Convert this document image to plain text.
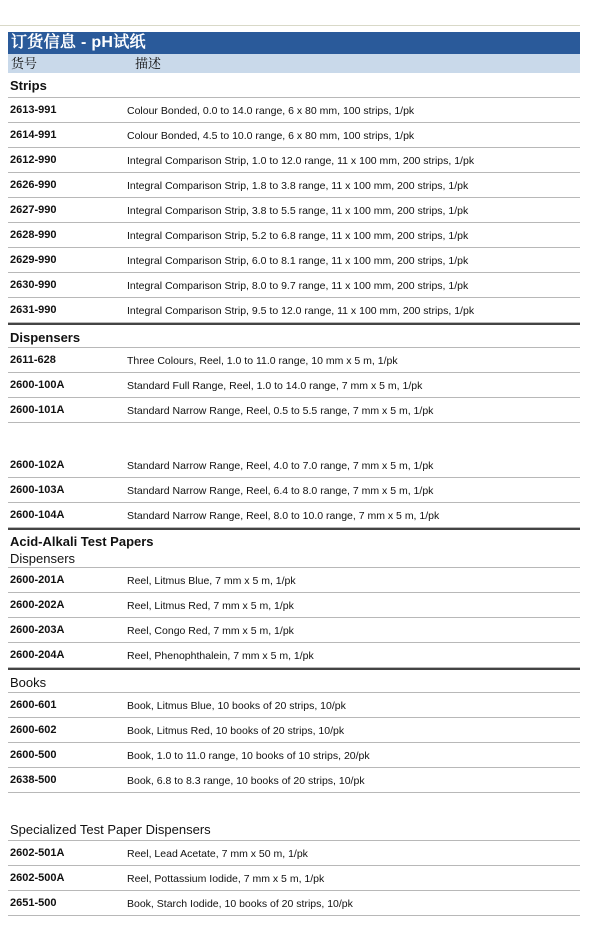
订货信息 - pH试纸
货号	描述
Strips
2613-991	Colour Bonded, 0.0 to 14.0 range, 6 x 80 mm, 100 strips, 1/pk
2614-991	Colour Bonded, 4.5 to 10.0 range, 6 x 80 mm, 100 strips, 1/pk
2612-990	Integral Comparison Strip, 1.0 to 12.0 range, 11 x 100 mm, 200 strips, 1/pk
2626-990	Integral Comparison Strip, 1.8 to 3.8 range, 11 x 100 mm, 200 strips, 1/pk
2627-990	Integral Comparison Strip, 3.8 to 5.5 range, 11 x 100 mm, 200 strips, 1/pk
2628-990	Integral Comparison Strip, 5.2 to 6.8 range, 11 x 100 mm, 200 strips, 1/pk
2629-990	Integral Comparison Strip, 6.0 to 8.1 range, 11 x 100 mm, 200 strips, 1/pk
2630-990	Integral Comparison Strip, 8.0 to 9.7 range, 11 x 100 mm, 200 strips, 1/pk
2631-990	Integral Comparison Strip, 9.5 to 12.0 range, 11 x 100 mm, 200 strips, 1/pk
Dispensers
2611-628	Three Colours, Reel, 1.0 to 11.0 range, 10 mm x 5 m, 1/pk
2600-100A	Standard Full Range, Reel, 1.0 to 14.0 range, 7 mm x 5 m, 1/pk
2600-101A	Standard Narrow Range, Reel, 0.5 to 5.5 range, 7 mm x 5 m, 1/pk
2600-102A	Standard Narrow Range, Reel, 4.0 to 7.0 range, 7 mm x 5 m, 1/pk
2600-103A	Standard Narrow Range, Reel, 6.4 to 8.0 range, 7 mm x 5 m, 1/pk
2600-104A	Standard Narrow Range, Reel, 8.0 to 10.0 range, 7 mm x 5 m, 1/pk
Acid-Alkali Test Papers
Dispensers
2600-201A	Reel, Litmus Blue, 7 mm x 5 m, 1/pk
2600-202A	Reel, Litmus Red, 7 mm x 5 m, 1/pk
2600-203A	Reel, Congo Red, 7 mm x 5 m, 1/pk
2600-204A	Reel, Phenophthalein, 7 mm x 5 m, 1/pk
Books
2600-601	Book, Litmus Blue, 10 books of 20 strips, 10/pk
2600-602	Book, Litmus Red, 10 books of 20 strips, 10/pk
2600-500	Book, 1.0 to 11.0 range, 10 books of 10 strips, 20/pk
2638-500	Book, 6.8 to 8.3 range, 10 books of 20 strips, 10/pk
Specialized Test Paper Dispensers
2602-501A	Reel, Lead Acetate, 7 mm x 50 m, 1/pk
2602-500A	Reel, Pottassium Iodide, 7 mm x 5 m, 1/pk
2651-500	Book, Starch Iodide, 10 books of 20 strips, 10/pk
